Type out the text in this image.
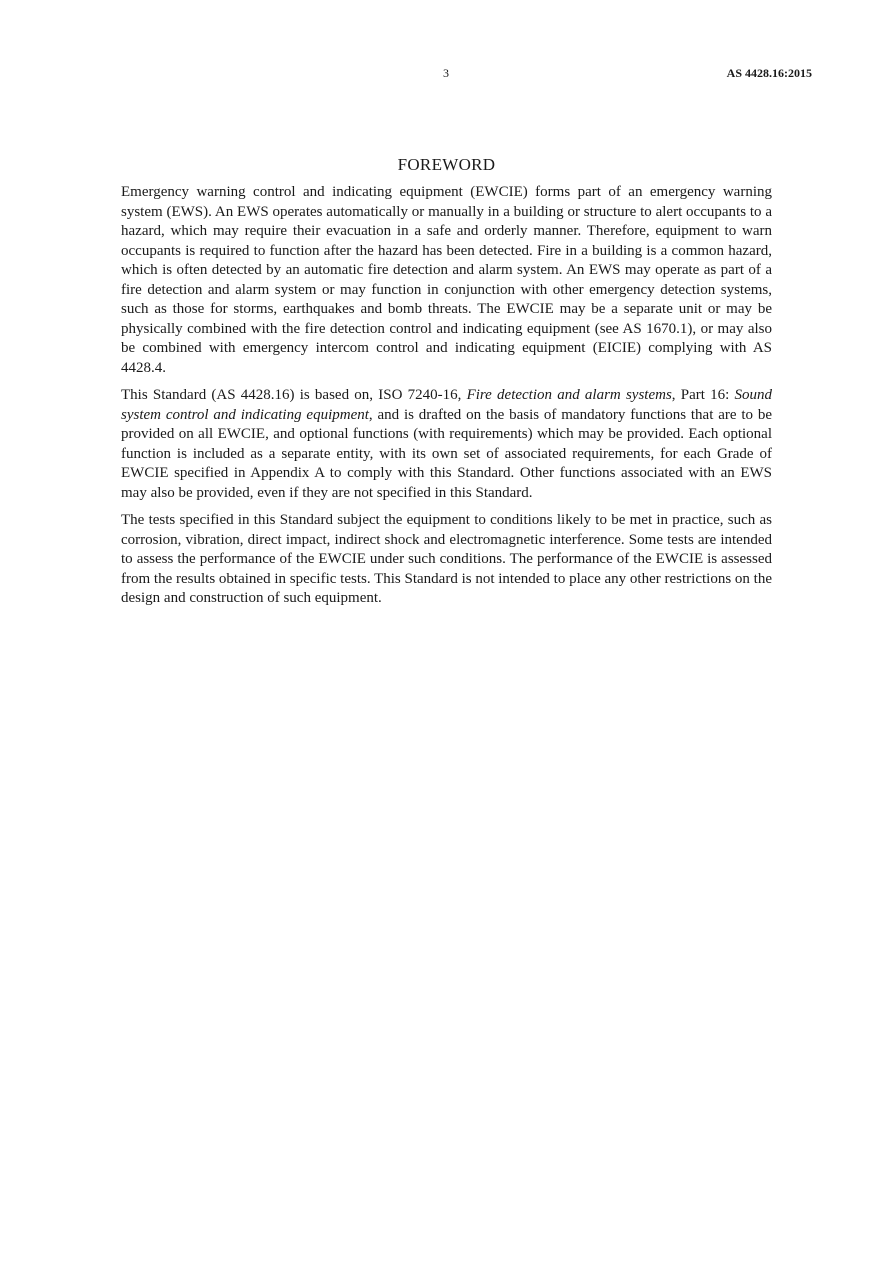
3	AS 4428.16:2015
FOREWORD

Emergency warning control and indicating equipment (EWCIE) forms part of an emergency warning system (EWS). An EWS operates automatically or manually in a building or structure to alert occupants to a hazard, which may require their evacuation in a safe and orderly manner. Therefore, equipment to warn occupants is required to function after the hazard has been detected. Fire in a building is a common hazard, which is often detected by an automatic fire detection and alarm system. An EWS may operate as part of a fire detection and alarm system or may function in conjunction with other emergency detection systems, such as those for storms, earthquakes and bomb threats. The EWCIE may be a separate unit or may be physically combined with the fire detection control and indicating equipment (see AS 1670.1), or may also be combined with emergency intercom control and indicating equipment (EICIE) complying with AS 4428.4.

This Standard (AS 4428.16) is based on, ISO 7240-16, Fire detection and alarm systems, Part 16: Sound system control and indicating equipment, and is drafted on the basis of mandatory functions that are to be provided on all EWCIE, and optional functions (with requirements) which may be provided. Each optional function is included as a separate entity, with its own set of associated requirements, for each Grade of EWCIE specified in Appendix A to comply with this Standard. Other functions associated with an EWS may also be provided, even if they are not specified in this Standard.

The tests specified in this Standard subject the equipment to conditions likely to be met in practice, such as corrosion, vibration, direct impact, indirect shock and electromagnetic interference. Some tests are intended to assess the performance of the EWCIE under such conditions. The performance of the EWCIE is assessed from the results obtained in specific tests. This Standard is not intended to place any other restrictions on the design and construction of such equipment.
